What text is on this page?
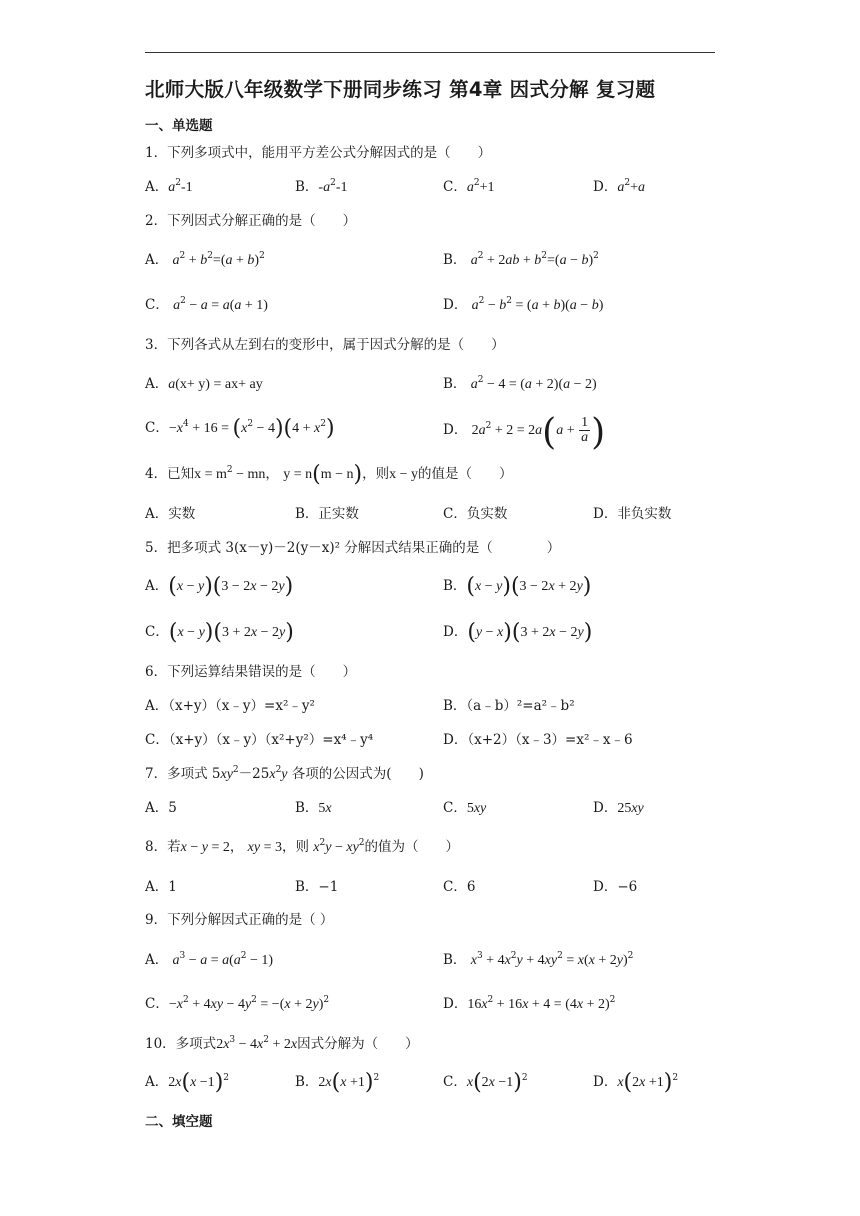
北师大版八年级数学下册同步练习 第4章 因式分解 复习题
一、单选题
1．下列多项式中，能用平方差公式分解因式的是（　　）
A．$a^2-1$	B．$-a^2-1$	C．$a^2+1$	D．$a^2+a$
2．下列因式分解正确的是（　　）
A． $a^2 + b^2=(a + b)^2$	B． $a^2 + 2ab + b^2=(a - b)^2$
C． $a^2 - a = a(a + 1)$	D． $a^2 - b^2 = (a + b)(a - b)$
3．下列各式从左到右的变形中，属于因式分解的是（　　）
A．a(x+ y) = ax+ ay	B． $a^2 - 4 = (a + 2)(a - 2)$
C．$-x^4 + 16 = (x^2 - 4)(4 + x^2)$	D． $2a^2 + 2 = 2a(a + \frac{1}{a}$ )
4．已知$x = m^2$ − mn， y = n(m − n)，则x − y的值是（　　）
A．实数	B．正实数	C．负实数	D．非负实数
5．把多项式 3(x－y)－2(y－x)² 分解因式结果正确的是（　　　　）
A．(x − y)(3 − 2x − 2y)	B．(x − y)(3 − 2x + 2y)
C．(x − y)(3 + 2x − 2y)	D．(y − x)(3 + 2x − 2y)
6．下列运算结果错误的是（　　）
A．（x+y）（x﹣y）=x²﹣y²	B．（a﹣b）²=a²﹣b²
C．（x+y）（x﹣y）（x²+y²）=x⁴﹣y⁴	D．（x+2）（x﹣3）=x²﹣x﹣6
7．多项式 $5xy^2-25x^2y$ 各项的公因式为(　　)
A．5	B．5x	C．5xy	D．25xy
8．若x − y = 2， xy = 3，则 $x^2y - xy^2$的值为（　　）
A．1	B．−1	C．6	D．−6
9．下列分解因式正确的是（ ）
A． $a^3 - a = a(a^2 - 1)$	B． $x^3 + 4x^2y + 4xy^2 = x(x + 2y)^2$
C．$-x^2 + 4xy - 4y^2 = -(x + 2y)^2$	D．$16x^2 + 16x + 4 = (4x + 2)^2$
10．多项式$2x^3 - 4x^2 + 2x$因式分解为（　　）
A．$2x(x -1)^2$	B．$2x(x +1)^2$	C．$x(2x -1)^2$	D．$x(2x +1)^2$
二、填空题
